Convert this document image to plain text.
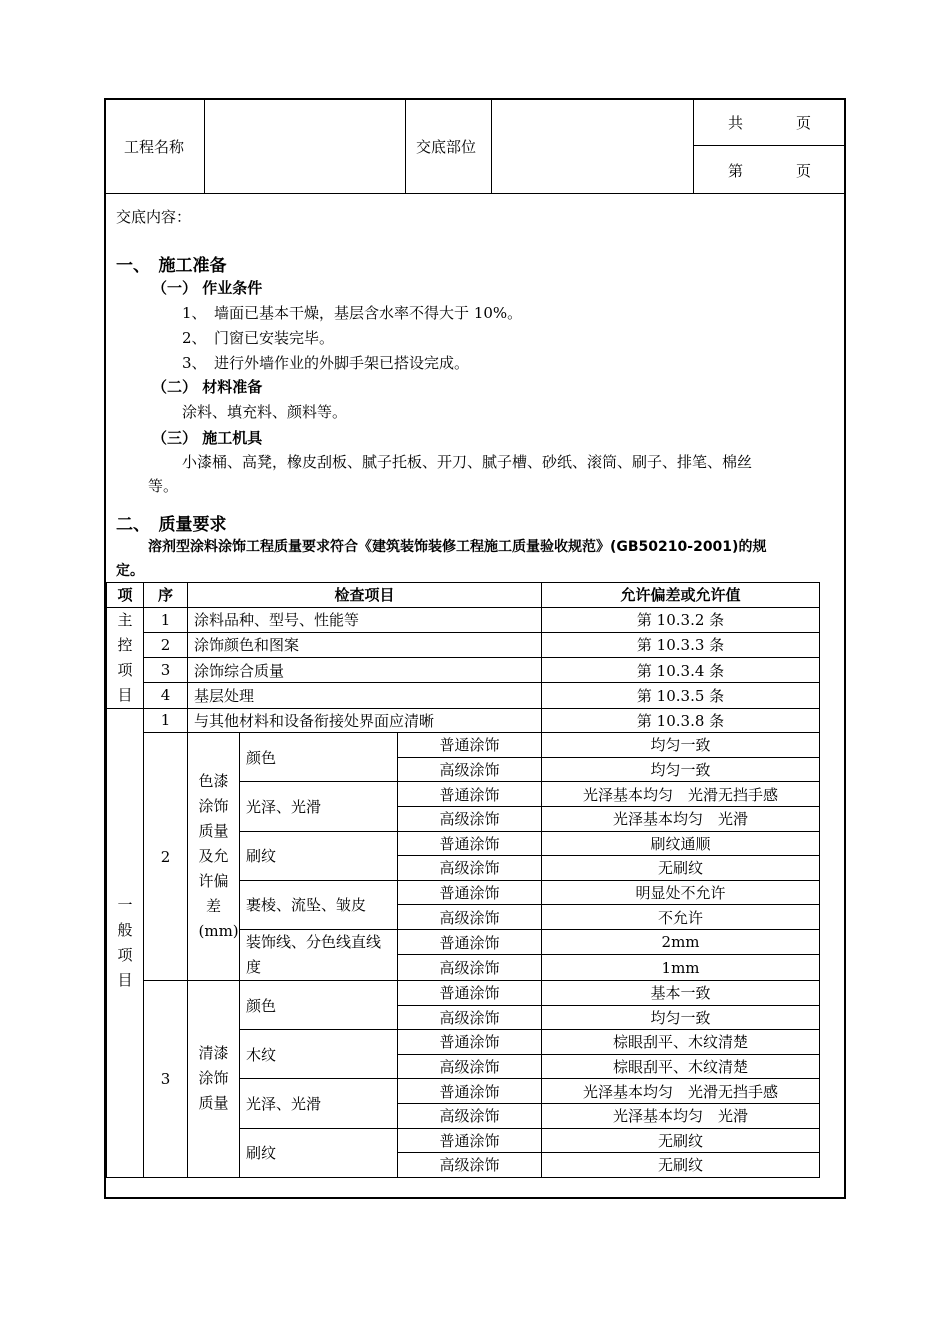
工程名称	交底部位
共	页
第	页
交底内容：
一、　施工准备
（一） 作业条件
1、　墙面已基本干燥，基层含水率不得大于 10%。
2、　门窗已安装完毕。
3、　进行外墙作业的外脚手架已搭设完成。
（二） 材料准备
涂料、填充料、颜料等。
（三） 施工机具
小漆桶、高凳，橡皮刮板、腻子托板、开刀、腻子槽、砂纸、滚筒、刷子、排笔、棉丝
等。
二、　质量要求
溶剂型涂料涂饰工程质量要求符合《建筑装饰装修工程施工质量验收规范》(GB50210-2001)的规
定。
项	序	检查项目			允许偏差或允许值

主控项目	1	涂料品种、型号、性能等			第 10.3.2 条
	2	涂饰颜色和图案			第 10.3.3 条
	3	涂饰综合质量			第 10.3.4 条
	4	基层处理			第 10.3.5 条

一般项目	1	与其他材料和设备衔接处界面应清晰			第 10.3.8 条
	2	色漆涂饰质量及允许偏差(mm)	颜色	普通涂饰	均匀一致
				高级涂饰	均匀一致
			光泽、光滑	普通涂饰	光泽基本均匀　光滑无挡手感
				高级涂饰	光泽基本均匀　光滑
			刷纹	普通涂饰	刷纹通顺
				高级涂饰	无刷纹
			裹棱、流坠、皱皮	普通涂饰	明显处不允许
				高级涂饰	不允许
			装饰线、分色线直线度	普通涂饰	2mm
				高级涂饰	1mm
	3	清漆涂饰质量	颜色	普通涂饰	基本一致
				高级涂饰	均匀一致
			木纹	普通涂饰	棕眼刮平、木纹清楚
				高级涂饰	棕眼刮平、木纹清楚
			光泽、光滑	普通涂饰	光泽基本均匀　光滑无挡手感
				高级涂饰	光泽基本均匀　光滑
			刷纹	普通涂饰	无刷纹
				高级涂饰	无刷纹
